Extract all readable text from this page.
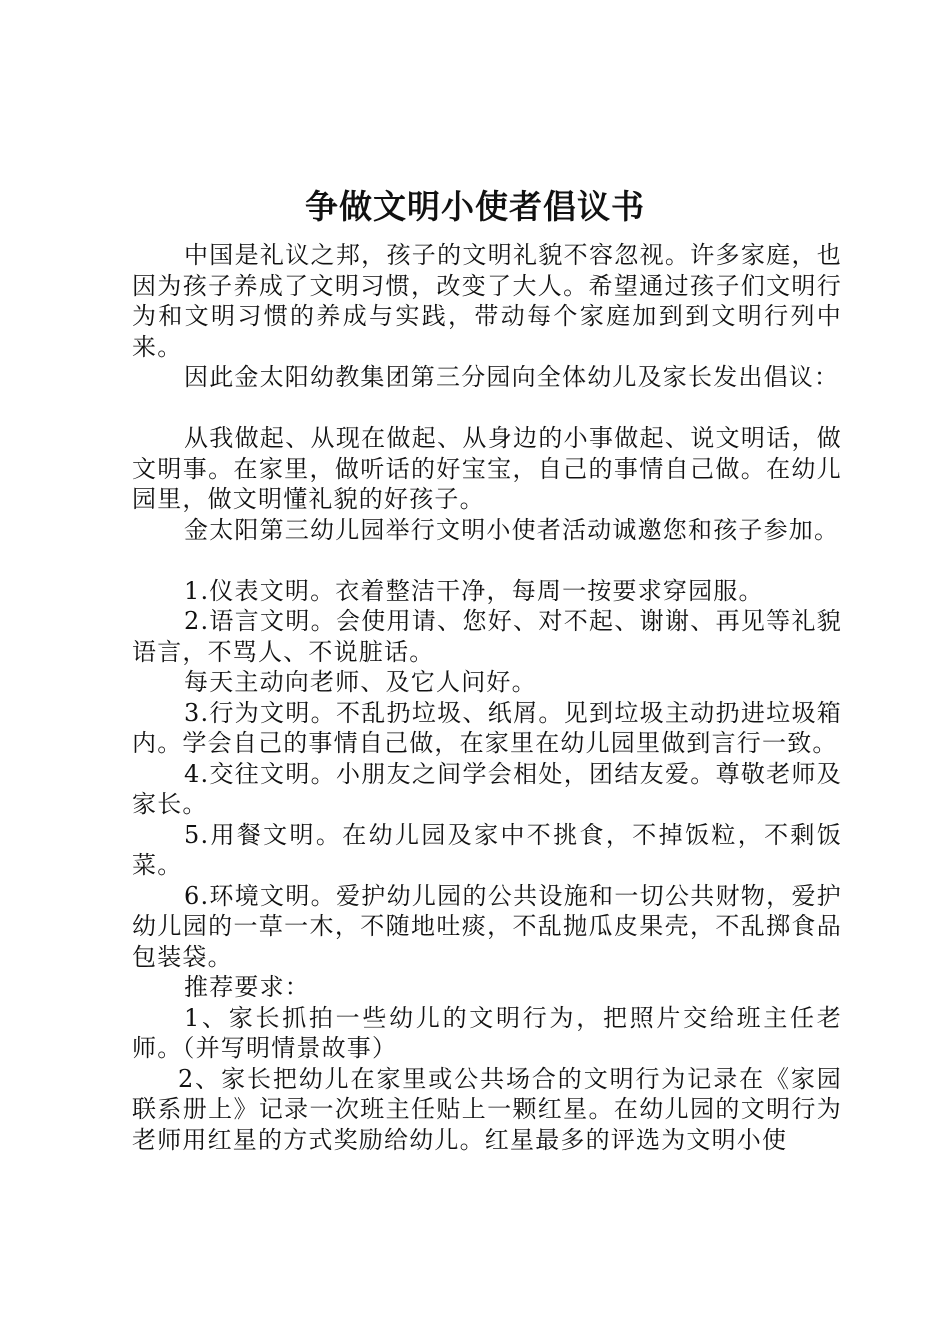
争做文明小使者倡议书

中国是礼议之邦，孩子的文明礼貌不容忽视。许多家庭，也因为孩子养成了文明习惯，改变了大人。希望通过孩子们文明行为和文明习惯的养成与实践，带动每个家庭加到到文明行列中来。

因此金太阳幼教集团第三分园向全体幼儿及家长发出倡议：

从我做起、从现在做起、从身边的小事做起、说文明话，做文明事。在家里，做听话的好宝宝，自己的事情自己做。在幼儿园里，做文明懂礼貌的好孩子。

金太阳第三幼儿园举行文明小使者活动诚邀您和孩子参加。

1.仪表文明。衣着整洁干净，每周一按要求穿园服。

2.语言文明。会使用请、您好、对不起、谢谢、再见等礼貌语言，不骂人、不说脏话。

每天主动向老师、及它人问好。

3.行为文明。不乱扔垃圾、纸屑。见到垃圾主动扔进垃圾箱内。学会自己的事情自己做，在家里在幼儿园里做到言行一致。

4.交往文明。小朋友之间学会相处，团结友爱。尊敬老师及家长。

5.用餐文明。在幼儿园及家中不挑食，不掉饭粒，不剩饭菜。

6.环境文明。爱护幼儿园的公共设施和一切公共财物，爱护幼儿园的一草一木，不随地吐痰，不乱抛瓜皮果壳，不乱掷食品包装袋。

推荐要求：

1、家长抓拍一些幼儿的文明行为，把照片交给班主任老师。（并写明情景故事）

2、家长把幼儿在家里或公共场合的文明行为记录在《家园联系册上》记录一次班主任贴上一颗红星。在幼儿园的文明行为老师用红星的方式奖励给幼儿。红星最多的评选为文明小使
